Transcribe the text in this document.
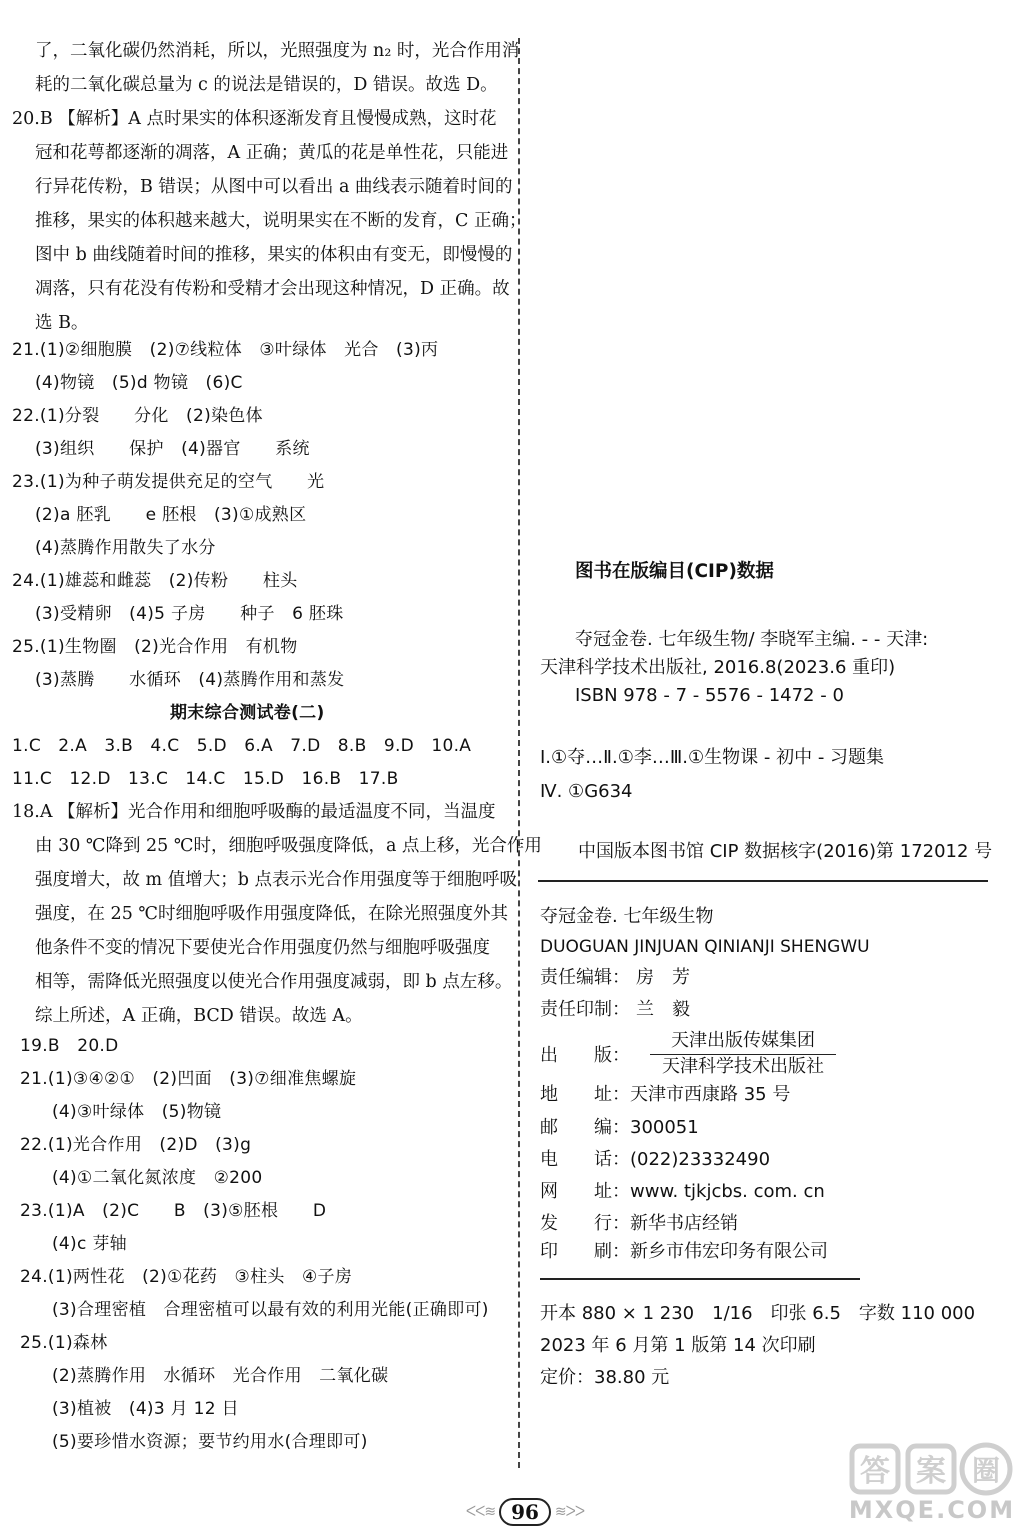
了，二氧化碳仍然消耗，所以，光照强度为 n₂ 时，光合作用消
耗的二氧化碳总量为 c 的说法是错误的，D 错误。故选 D。
20.B 【解析】A 点时果实的体积逐渐发育且慢慢成熟，这时花
冠和花萼都逐渐的凋落，A 正确；黄瓜的花是单性花，只能进
行异花传粉，B 错误；从图中可以看出 a 曲线表示随着时间的
推移，果实的体积越来越大，说明果实在不断的发育，C 正确；
图中 b 曲线随着时间的推移，果实的体积由有变无，即慢慢的
凋落，只有花没有传粉和受精才会出现这种情况，D 正确。故
选 B。
21.(1)②细胞膜　(2)⑦线粒体　③叶绿体　光合　(3)丙
(4)物镜　(5)d 物镜　(6)C
22.(1)分裂　　分化　(2)染色体
(3)组织　　保护　(4)器官　　系统
23.(1)为种子萌发提供充足的空气　　光
(2)a 胚乳　　e 胚根　(3)①成熟区
(4)蒸腾作用散失了水分
24.(1)雄蕊和雌蕊　(2)传粉　　柱头
(3)受精卵　(4)5 子房　　种子　6 胚珠
25.(1)生物圈　(2)光合作用　有机物
(3)蒸腾　　水循环　(4)蒸腾作用和蒸发
期末综合测试卷(二)
1.C　2.A　3.B　4.C　5.D　6.A　7.D　8.B　9.D　10.A
11.C　12.D　13.C　14.C　15.D　16.B　17.B
18.A 【解析】光合作用和细胞呼吸酶的最适温度不同，当温度
由 30 ℃降到 25 ℃时，细胞呼吸强度降低，a 点上移，光合作用
强度增大，故 m 值增大；b 点表示光合作用强度等于细胞呼吸
强度，在 25 ℃时细胞呼吸作用强度降低，在除光照强度外其
他条件不变的情况下要使光合作用强度仍然与细胞呼吸强度
相等，需降低光照强度以使光合作用强度减弱，即 b 点左移。
综上所述，A 正确，BCD 错误。故选 A。
19.B　20.D
21.(1)③④②①　(2)凹面　(3)⑦细准焦螺旋
(4)③叶绿体　(5)物镜
22.(1)光合作用　(2)D　(3)g
(4)①二氧化氮浓度　②200
23.(1)A　(2)C　　B　(3)⑤胚根　　D
(4)c 芽轴
24.(1)两性花　(2)①花药　③柱头　④子房
(3)合理密植　合理密植可以最有效的利用光能(正确即可)
25.(1)森林
(2)蒸腾作用　水循环　光合作用　二氧化碳
(3)植被　(4)3 月 12 日
(5)要珍惜水资源；要节约用水(合理即可)
图书在版编目(CIP)数据
夺冠金卷. 七年级生物/ 李晓军主编. - - 天津:
天津科学技术出版社, 2016.8(2023.6 重印)
ISBN 978 - 7 - 5576 - 1472 - 0
Ⅰ.①夺…Ⅱ.①李…Ⅲ.①生物课 - 初中 - 习题集
Ⅳ. ①G634
中国版本图书馆 CIP 数据核字(2016)第 172012 号
夺冠金卷. 七年级生物
DUOGUAN JINJUAN QINIANJI SHENGWU
责任编辑： 房　芳
责任印制： 兰　毅
出　　版：
天津出版传媒集团
天津科学技术出版社
地　　址：天津市西康路 35 号
邮　　编：300051
电　　话：(022)23332490
网　　址：www. tjkjcbs. com. cn
发　　行：新华书店经销
印　　刷：新乡市伟宏印务有限公司
开本 880 × 1 230　1/16　印张 6.5　字数 110 000
2023 年 6 月第 1 版第 14 次印刷
定价：38.80 元
ᐸᐸ≋ 96	≋ᐳᐳ
答 案 圈
MXQE.COM
